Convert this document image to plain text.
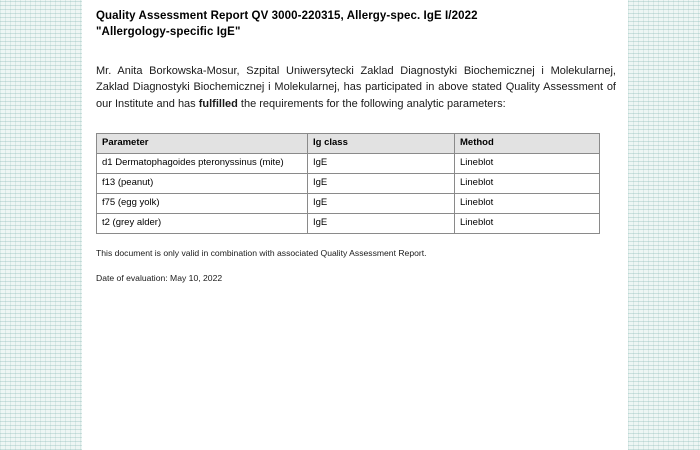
Quality Assessment Report QV 3000-220315, Allergy-spec. IgE I/2022
"Allergology-specific IgE"

Mr. Anita Borkowska-Mosur, Szpital Uniwersytecki Zaklad Diagnostyki Biochemicznej i Molekularnej, Zaklad Diagnostyki Biochemicznej i Molekularnej, has participated in above stated Quality Assessment of our Institute and has fulfilled the requirements for the following analytic parameters:

Parameter	Ig class	Method
d1 Dermatophagoides pteronyssinus (mite)	IgE	Lineblot
f13 (peanut)	IgE	Lineblot
f75 (egg yolk)	IgE	Lineblot
t2 (grey alder)	IgE	Lineblot

This document is only valid in combination with associated Quality Assessment Report.

Date of evaluation: May 10, 2022
